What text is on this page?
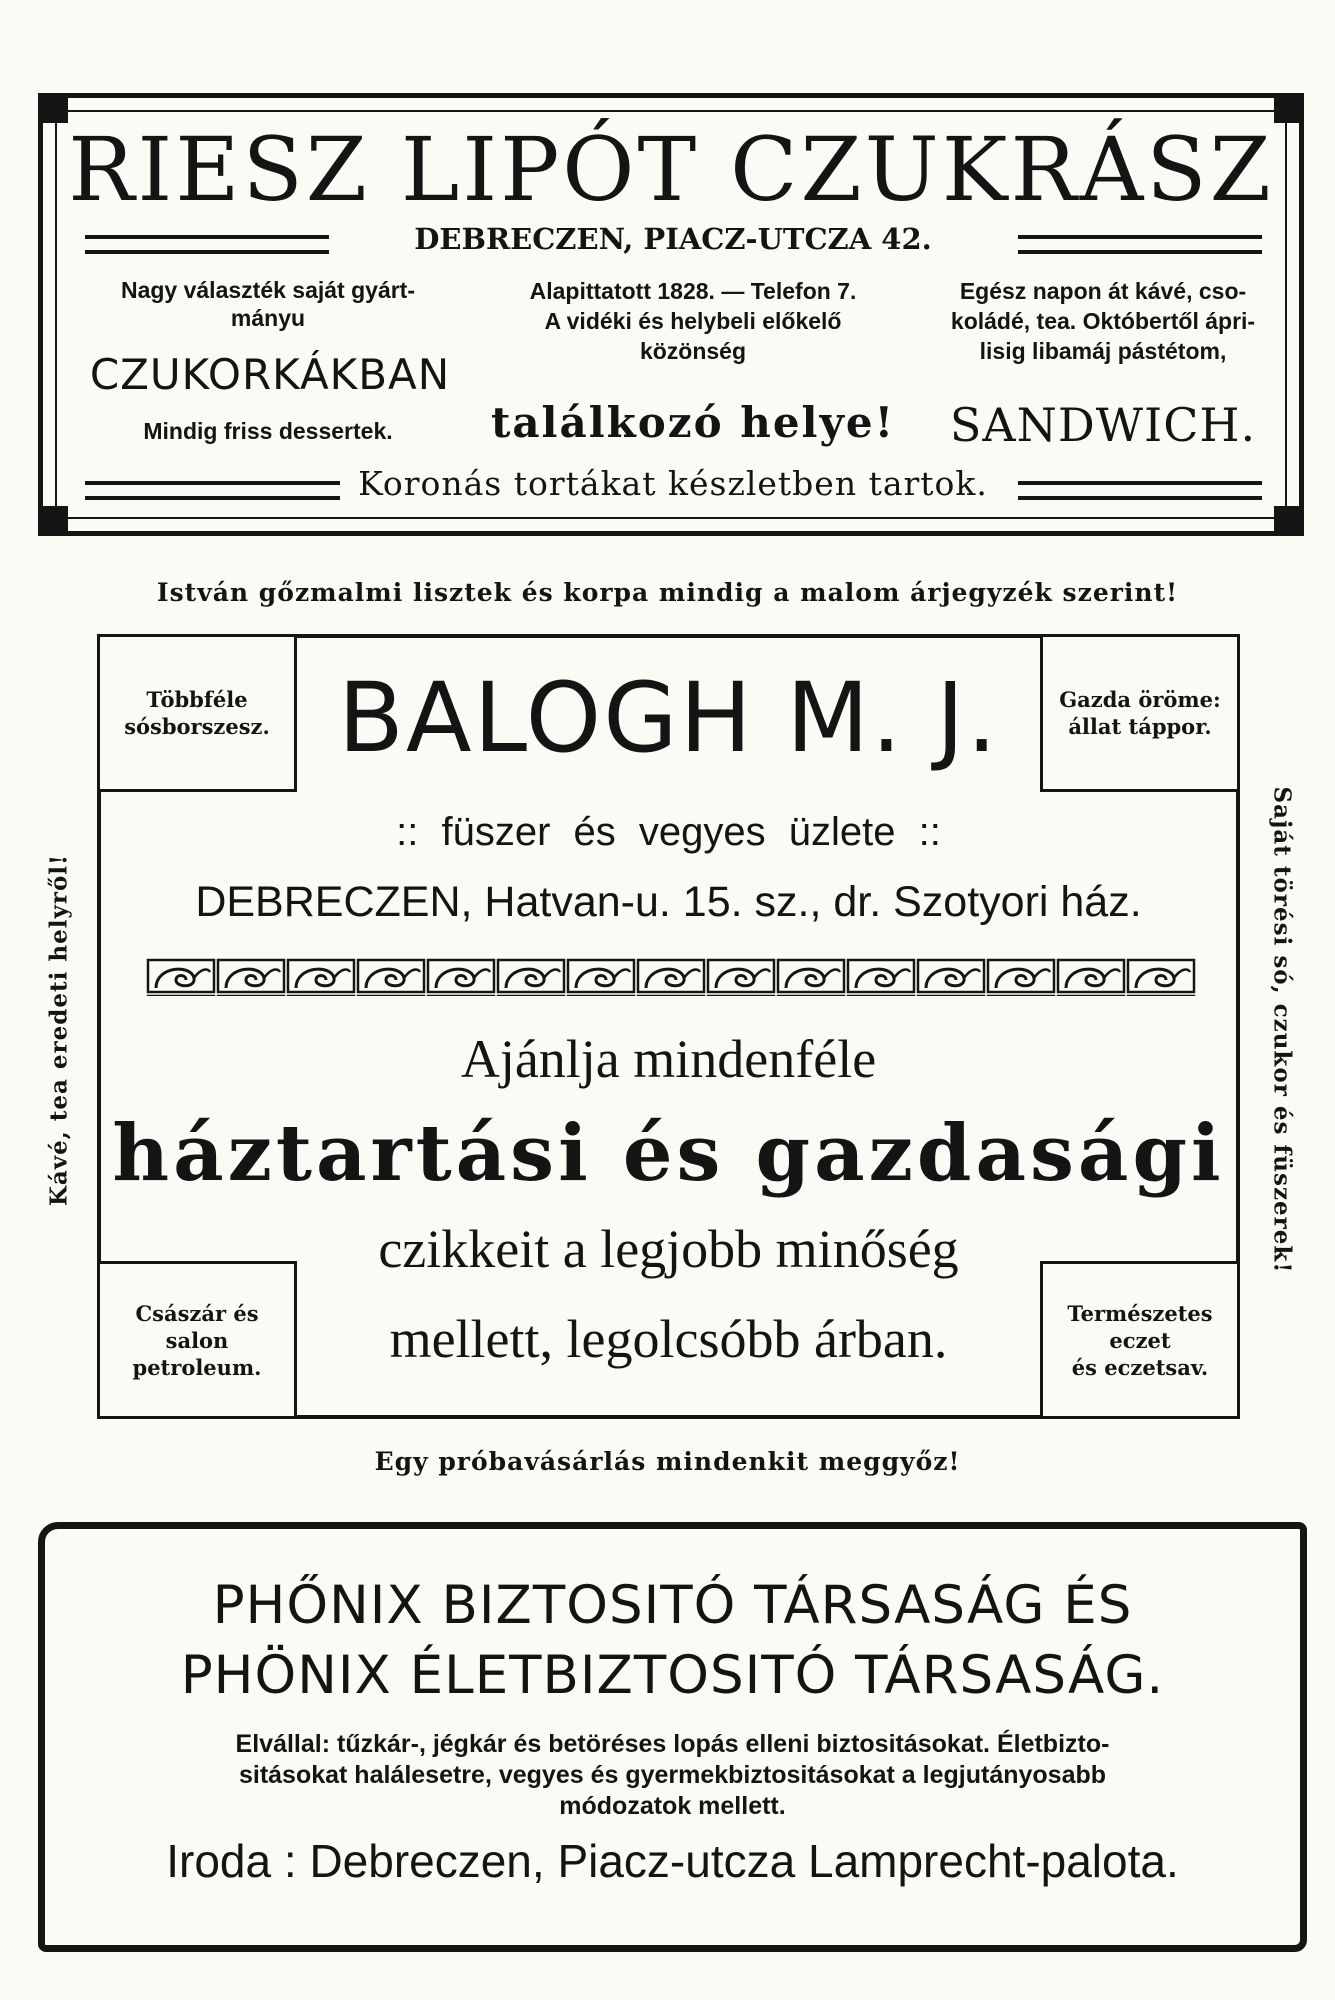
RIESZ LIPÓT CZUKRÁSZ
DEBRECZEN, PIACZ-UTCZA 42.
Nagy választék saját gyárt-
mányu
CZUKORKÁKBAN
Mindig friss dessertek.
Alapittatott 1828. — Telefon 7.
A vidéki és helybeli előkelő
közönség
találkozó helye!
Egész napon át kávé, cso-
koládé, tea. Októbertől ápri-
lisig libamáj pástétom,
SANDWICH.
Koronás tortákat készletben tartok.
István gőzmalmi lisztek és korpa mindig a malom árjegyzék szerint!
Többféle
sósborszesz.
Gazda öröme:
állat táppor.
Császár és
salon
petroleum.
Természetes
eczet
és eczetsav.
BALOGH M. J.
:: füszer és vegyes üzlete ::
DEBRECZEN, Hatvan-u. 15. sz., dr. Szotyori ház.
Ajánlja mindenféle
háztartási és gazdasági
czikkeit a legjobb minőség
mellett, legolcsóbb árban.
Kávé, tea eredeti helyről!	Saját törési só, czukor és füszerek!
Egy próbavásárlás mindenkit meggyőz!
PHŐNIX BIZTOSITÓ TÁRSASÁG ÉS
PHÖNIX ÉLETBIZTOSITÓ TÁRSASÁG.
Elvállal: tűzkár-, jégkár és betöréses lopás elleni biztositásokat. Életbizto-
sitásokat halálesetre, vegyes és gyermekbiztositásokat a legjutányosabb
módozatok mellett.
Iroda : Debreczen, Piacz-utcza Lamprecht-palota.
